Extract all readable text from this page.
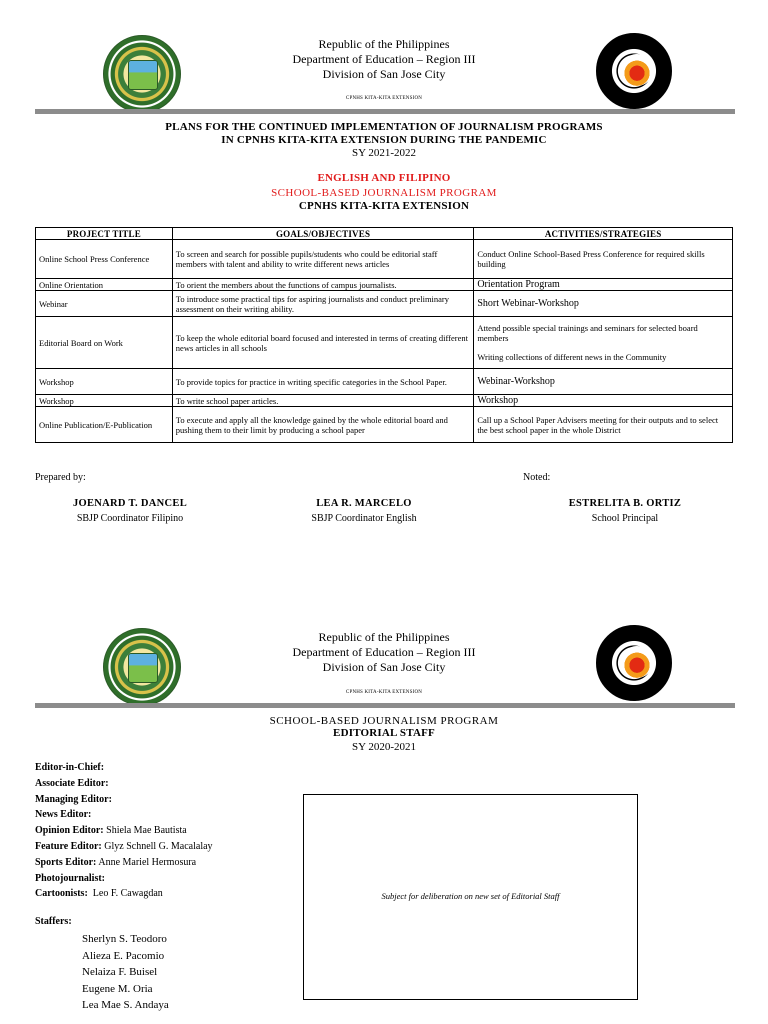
Republic of the Philippines
Department of Education – Region III
Division of San Jose City
CPNHS KITA-KITA EXTENSION
PLANS FOR THE CONTINUED IMPLEMENTATION OF JOURNALISM PROGRAMS
IN CPNHS KITA-KITA EXTENSION DURING THE PANDEMIC
SY 2021-2022
ENGLISH AND FILIPINO
SCHOOL-BASED JOURNALISM PROGRAM
CPNHS KITA-KITA EXTENSION
PROJECT TITLE	GOALS/OBJECTIVES	ACTIVITIES/STRATEGIES
Online School Press Conference	To screen and search for possible pupils/students who could be editorial staff members with talent and ability to write different news articles	Conduct Online School-Based Press Conference for required skills building
Online Orientation	To orient the members about the functions of campus journalists.	Orientation Program
Webinar	To introduce some practical tips for aspiring journalists and conduct preliminary assessment on their writing ability.	Short Webinar-Workshop
Editorial Board on Work	To keep the whole editorial board focused and interested in terms of creating different news articles in all schools	Attend possible special trainings and seminars for selected board members
Writing collections of different news in the Community

Workshop	To provide topics for practice in writing specific categories in the School Paper.	Webinar-Workshop
Workshop	To write school paper articles.	Workshop
Online Publication/E-Publication	To execute and apply all the knowledge gained by the whole editorial board and pushing them to their limit by producing a school paper	Call up a School Paper Advisers meeting for their outputs and to select the best school paper in the whole District
Prepared by:	Noted:
JOENARD T. DANCEL
SBJP Coordinator Filipino
LEA R. MARCELO
SBJP Coordinator English
ESTRELITA B. ORTIZ
School Principal
Republic of the Philippines
Department of Education – Region III
Division of San Jose City
CPNHS KITA-KITA EXTENSION
SCHOOL-BASED JOURNALISM PROGRAM
EDITORIAL STAFF
SY 2020-2021
Editor-in-Chief:
Associate Editor:
Managing Editor:
News Editor:
Opinion Editor: Shiela Mae Bautista
Feature Editor: Glyz Schnell G. Macalalay
Sports Editor: Anne Mariel Hermosura
Photojournalist:
Cartoonists:  Leo F. Cawagdan
Staffers:
Sherlyn S. Teodoro
Alieza E. Pacomio
Nelaiza F. Buisel
Eugene M. Oria
Lea Mae S. Andaya
Subject for deliberation on new set of Editorial Staff
